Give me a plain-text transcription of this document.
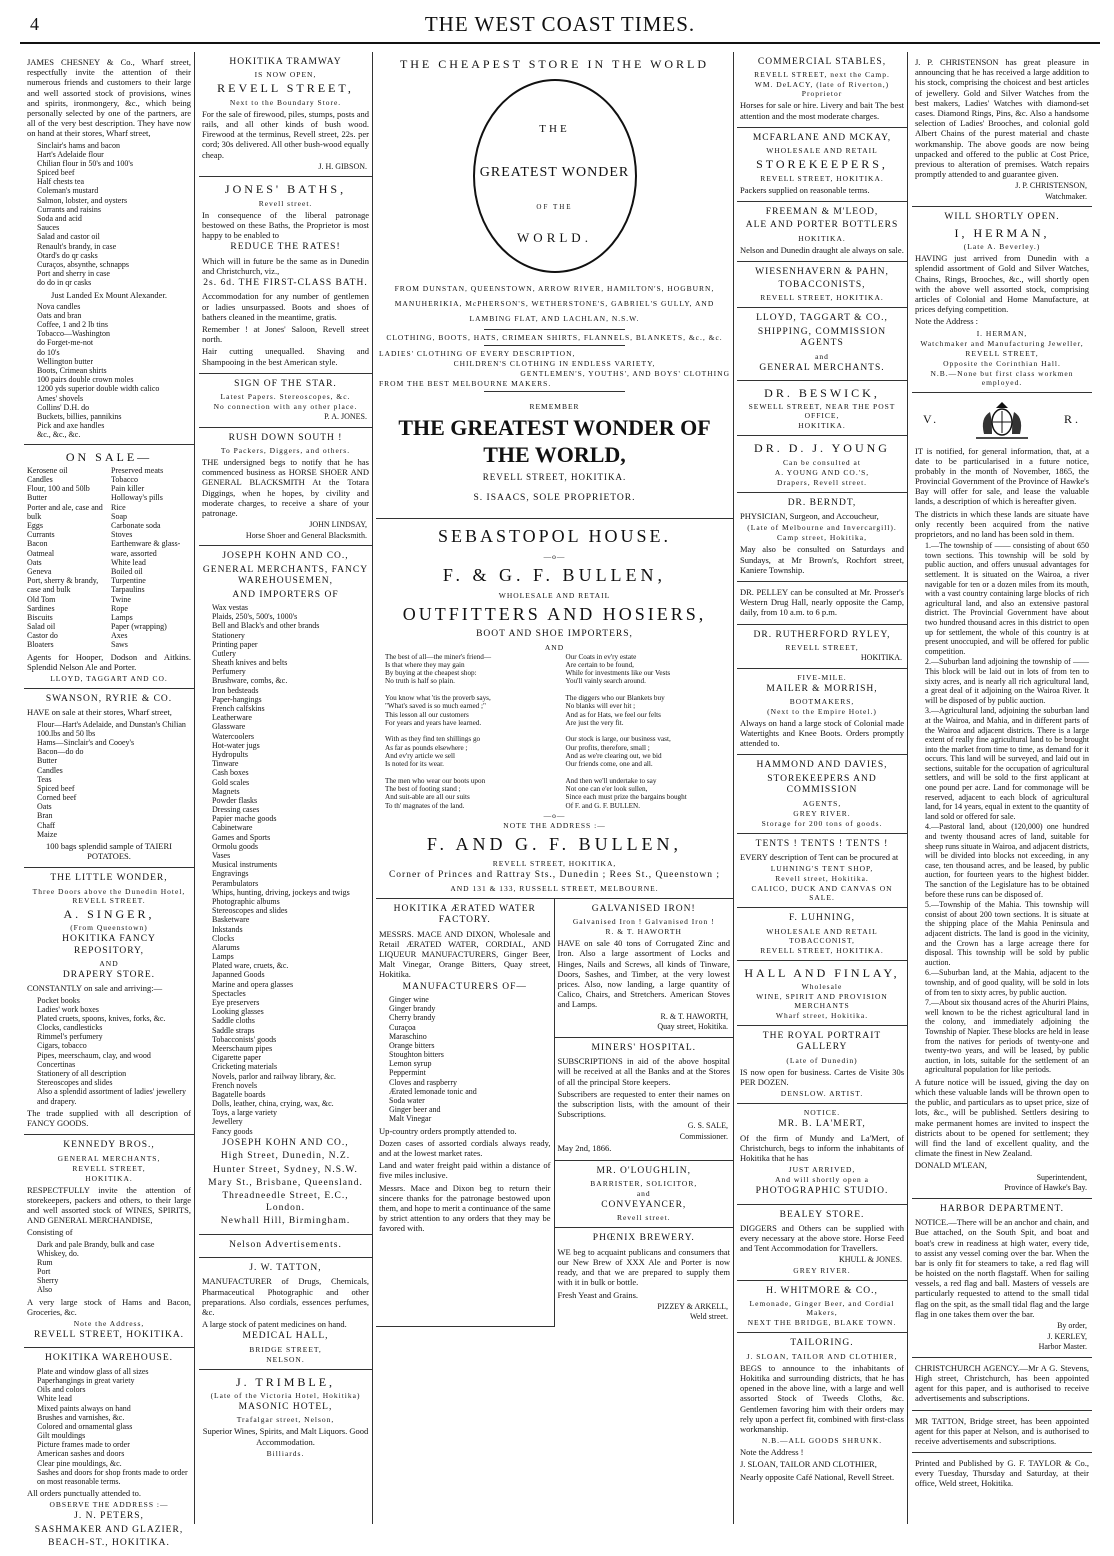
4	THE WEST COAST TIMES.
JAMES CHESNEY & Co., Wharf street, respectfully invite the attention of their numerous friends and customers to their large and well assorted stock of provisions, wines and spirits, ironmongery, &c., which being personally selected by one of the partners, are all of the very best description. They have now on hand at their stores, Wharf street,
Sinclair's hams and bacon
Hart's Adelaide flour
Chilian flour in 50's and 100's
Spiced beef
Half chests tea
Coleman's mustard
Salmon, lobster, and oysters
Currants and raisins
Soda and acid
Sauces
Salad and castor oil
Renault's brandy, in case
Otard's do qr casks
Curaços, absynthe, schnapps
Port and sherry in case
do do in qr casks
Just Landed Ex Mount Alexander.
Nova candles
Oats and bran
Coffee, 1 and 2 lb tins
Tobacco—Washington
do Forget-me-not
do 10's
Wellington butter
Boots, Crimean shirts
100 pairs double crown moles
1200 yds superior double width calico
Ames' shovels
Collins' D.H. do
Buckets, billies, pannikins
Pick and axe handles
&c., &c., &c.
ON SALE—
Kerosene oil
Candles
Flour, 100 and 50lb
Butter
Porter and ale, case and bulk
Eggs
Currants
Bacon
Oatmeal
Oats
Geneva
Port, sherry & brandy, case and bulk
Old Tom
Sardines
Biscuits
Salad oil
Castor do
Bloaters
Preserved meats
Tobacco
Pain killer
Holloway's pills
Rice
Soap
Carbonate soda
Stoves
Earthenware & glass-ware, assorted
White lead
Boiled oil
Turpentine
Tarpaulins
Twine
Rope
Lamps
Paper (wrapping)
Axes
Saws
Agents for Hooper, Dodson and Aitkins. Splendid Nelson Ale and Porter.
LLOYD, TAGGART AND CO.
SWANSON, RYRIE & CO.
HAVE on sale at their stores, Wharf street,
Flour—Hart's Adelaide, and Dunstan's Chilian 100.lbs and 50 lbs
Hams—Sinclair's and Cooey's
Bacon—do do
Butter
Candles
Teas
Spiced beef
Corned beef
Oats
Bran
Chaff
Maize
100 bags splendid sample of TAIERI POTATOES.
THE LITTLE WONDER,
Three Doors above the Dunedin Hotel, REVELL STREET.
A. SINGER,
(From Queenstown)
HOKITIKA FANCY REPOSITORY,
AND
DRAPERY STORE.
CONSTANTLY on sale and arriving:—
Pocket books
Ladies' work boxes
Plated cruets, spoons, knives, forks, &c.
Clocks, candlesticks
Rimmel's perfumery
Cigars, tobacco
Pipes, meerschaum, clay, and wood
Concertinas
Stationery of all description
Stereoscopes and slides
Also a splendid assortment of ladies' jewellery and drapery.
The trade supplied with all description of FANCY GOODS.
KENNEDY BROS.,
GENERAL MERCHANTS,
REVELL STREET,
HOKITIKA.
RESPECTFULLY invite the attention of storekeepers, packers and others, to their large and well assorted stock of WINES, SPIRITS, AND GENERAL MERCHANDISE,
Consisting of
Dark and pale Brandy, bulk and case
Whiskey, do.
Rum
Port
Sherry
Also
A very large stock of Hams and Bacon, Groceries, &c.
Note the Address,
REVELL STREET, HOKITIKA.
HOKITIKA WAREHOUSE.
Plate and window glass of all sizes
Paperhangings in great variety
Oils and colors
White lead
Mixed paints always on hand
Brushes and varnishes, &c.
Colored and ornamental glass
Gilt mouldings
Picture frames made to order
American sashes and doors
Clear pine mouldings, &c.
Sashes and doors for shop fronts made to order on most reasonable terms.
All orders punctually attended to.
OBSERVE THE ADDRESS :—
J. N. PETERS,
SASHMAKER AND GLAZIER,
BEACH-ST., HOKITIKA.
HOKITIKA TRAMWAY
IS NOW OPEN,
REVELL STREET,
Next to the Boundary Store.
For the sale of firewood, piles, stumps, posts and rails, and all other kinds of bush wood. Firewood at the terminus, Revell street, 22s. per cord; 30s delivered. All other bush-wood equally cheap.
J. H. GIBSON.
JONES' BATHS,
Revell street.
In consequence of the liberal patronage bestowed on these Baths, the Proprietor is most happy to be enabled to
REDUCE THE RATES!
Which will in future be the same as in Dunedin and Christchurch, viz.,
2s. 6d. THE FIRST-CLASS BATH.
Accommodation for any number of gentlemen or ladies unsurpassed. Boots and shoes of bathers cleaned in the meantime, gratis.
Remember ! at Jones' Saloon, Revell street north.
Hair cutting unequalled. Shaving and Shampooing in the best American style.
SIGN OF THE STAR.
Latest Papers. Stereoscopes, &c.
No connection with any other place.
P. A. JONES.
RUSH DOWN SOUTH !
To Packers, Diggers, and others.
THE undersigned begs to notify that he has commenced business as HORSE SHOER AND GENERAL BLACKSMITH At the Totara Diggings, when he hopes, by civility and moderate charges, to receive a share of your patronage.
JOHN LINDSAY,
Horse Shoer and General Blacksmith.
JOSEPH KOHN AND CO.,
GENERAL MERCHANTS, FANCY WAREHOUSEMEN,
AND IMPORTERS OF
Wax vestas
Plaids, 250's, 500's, 1000's
Bell and Black's and other brands
Stationery
Printing paper
Cutlery
Sheath knives and belts
Perfumery
Brushware, combs, &c.
Iron bedsteads
Paper-hangings
French calfskins
Leatherware
Glassware
Watercoolers
Hot-water jugs
Hydropults
Tinware
Cash boxes
Gold scales
Magnets
Powder flasks
Dressing cases
Papier mache goods
Cabinetware
Games and Sports
Ormolu goods
Vases
Musical instruments
Engravings
Perambulators
Whips, hunting, driving, jockeys and twigs
Photographic albums
Stereoscopes and slides
Basketware
Inkstands
Clocks
Alarums
Lamps
Plated ware, cruets, &c.
Japanned Goods
Marine and opera glasses
Spectacles
Eye preservers
Looking glasses
Saddle cloths
Saddle straps
Tobacconists' goods
Meerschaum pipes
Cigarette paper
Cricketing materials
Novels, parlor and railway library, &c.
French novels
Bagatelle boards
Dolls, leather, china, crying, wax, &c.
Toys, a large variety
Jewellery
Fancy goods
JOSEPH KOHN AND CO.,
High Street, Dunedin, N.Z.
Hunter Street, Sydney, N.S.W.
Mary St., Brisbane, Queensland.
Threadneedle Street, E.C., London.
Newhall Hill, Birmingham.
Nelson Advertisements.
J. W. TATTON,
MANUFACTURER of Drugs, Chemicals, Pharmaceutical Photographic and other preparations. Also cordials, essences perfumes, &c.
A large stock of patent medicines on hand.
MEDICAL HALL,
BRIDGE STREET,
NELSON.
J. TRIMBLE,
(Late of the Victoria Hotel, Hokitika)
MASONIC HOTEL,
Trafalgar street, Nelson,
Superior Wines, Spirits, and Malt Liquors. Good Accommodation.
Billiards.
THE CHEAPEST STORE IN THE WORLD
THE
GREATEST WONDER
OF THE
WORLD.
FROM DUNSTAN, QUEENSTOWN, ARROW RIVER, HAMILTON'S, HOGBURN, MANUHERIKIA, McPHERSON'S, WETHERSTONE'S, GABRIEL'S GULLY, AND LAMBING FLAT, AND LACHLAN, N.S.W.
CLOTHING, BOOTS, HATS, CRIMEAN SHIRTS, FLANNELS, BLANKETS, &c., &c.
LADIES' CLOTHING OF EVERY DESCRIPTION,
CHILDREN'S CLOTHING IN ENDLESS VARIETY,
GENTLEMEN'S, YOUTHS', AND BOYS' CLOTHING
FROM THE BEST MELBOURNE MAKERS.
REMEMBER
THE GREATEST WONDER OF THE WORLD,
REVELL STREET, HOKITIKA.
S. ISAACS, SOLE PROPRIETOR.
SEBASTOPOL HOUSE.
—o—
F. & G. F. BULLEN,
WHOLESALE AND RETAIL
OUTFITTERS AND HOSIERS,
BOOT AND SHOE IMPORTERS,
AND
The best of all—the miner's friend—
Is that where they may gain
By buying at the cheapest shop:
No truth is half so plain.

You know what 'tis the proverb says,
"What's saved is so much earned ;"
This lesson all our customers
For years and years have learned.

With as they find ten shillings go
As far as pounds elsewhere ;
And ev'ry article we sell
Is noted for its wear.

The men who wear our boots upon
The best of footing stand ;
And suit-able are all our suits
To th' magnates of the land.
Our Coats in ev'ry estate
Are certain to be found,
While for investments like our Vests
You'll vainly search around.

The diggers who our Blankets buy
No blanks will ever hit ;
And as for Hats, we feel our felts
Are just the very fit.

Our stock is large, our business vast,
Our profits, therefore, small ;
And as we're clearing out, we bid
Our friends come, one and all.

And then we'll undertake to say
Not one can e'er look sullen,
Since each must prize the bargains bought
Of F. and G. F. BULLEN.
—o—
NOTE THE ADDRESS :—
F. AND G. F. BULLEN,
REVELL STREET, HOKITIKA,
Corner of Princes and Rattray Sts., Dunedin ; Rees St., Queenstown ;
AND 131 & 133, RUSSELL STREET, MELBOURNE.
HOKITIKA ÆRATED WATER FACTORY.
MESSRS. MACE AND DIXON, Wholesale and Retail ÆRATED WATER, CORDIAL, AND LIQUEUR MANUFACTURERS, Ginger Beer, Malt Vinegar, Orange Bitters, Quay street, Hokitika.
MANUFACTURERS OF—
Ginger wine
Ginger brandy
Cherry brandy
Curaçoa
Maraschino
Orange bitters
Stoughton bitters
Lemon syrup
Peppermint
Cloves and raspberry
Ærated lemonade tonic and
Soda water
Ginger beer and
Malt Vinegar
Up-country orders promptly attended to.
Dozen cases of assorted cordials always ready, and at the lowest market rates.
Land and water freight paid within a distance of five miles inclusive.
Messrs. Mace and Dixon beg to return their sincere thanks for the patronage bestowed upon them, and hope to merit a continuance of the same by strict attention to any orders that they may be favored with.
GALVANISED IRON!
Galvanised Iron ! Galvanised Iron !
R. & T. HAWORTH
HAVE on sale 40 tons of Corrugated Zinc and Iron. Also a large assortment of Locks and Hinges, Nails and Screws, all kinds of Tinware, Doors, Sashes, and Timber, at the very lowest prices. Also, now landing, a large quantity of Calico, Chairs, and Stretchers. American Stoves and Lamps.
R. & T. HAWORTH,
Quay street, Hokitika.
MINERS' HOSPITAL.
SUBSCRIPTIONS in aid of the above hospital will be received at all the Banks and at the Stores of all the principal Store keepers.
Subscribers are requested to enter their names on the subscription lists, with the amount of their Subscriptions.
G. S. SALE,
Commissioner.
May 2nd, 1866.
MR. O'LOUGHLIN,
BARRISTER, SOLICITOR,
and
CONVEYANCER,
Revell street.
PHŒNIX BREWERY.
WE beg to acquaint publicans and consumers that our New Brew of XXX Ale and Porter is now ready, and that we are prepared to supply them with it in bulk or bottle.
Fresh Yeast and Grains.
PIZZEY & ARKELL,
Weld street.
COMMERCIAL STABLES,
REVELL STREET, next the Camp.
WM. DeLACY, (late of Riverton,) Proprietor
Horses for sale or hire. Livery and bait The best attention and the most moderate charges.
MCFARLANE AND MCKAY,
WHOLESALE AND RETAIL
STOREKEEPERS,
REVELL STREET, HOKITIKA.
Packers supplied on reasonable terms.
FREEMAN & M'LEOD,
ALE AND PORTER BOTTLERS
HOKITIKA.
Nelson and Dunedin draught ale always on sale.
WIESENHAVERN & PAHN,
TOBACCONISTS,
REVELL STREET, HOKITIKA.
LLOYD, TAGGART & CO.,
SHIPPING, COMMISSION AGENTS
and
GENERAL MERCHANTS.
DR. BESWICK,
SEWELL STREET, NEAR THE POST OFFICE,
HOKITIKA.
DR. D. J. YOUNG
Can be consulted at
A. YOUNG AND CO.'S,
Drapers, Revell street.
DR. BERNDT,
PHYSICIAN, Surgeon, and Accoucheur,
(Late of Melbourne and Invercargill).
Camp street, Hokitika,
May also be consulted on Saturdays and Sundays, at Mr Brown's, Rochfort street, Kaniere Township.
DR. PELLEY can be consulted at Mr. Prosser's Western Drug Hall, nearly opposite the Camp, daily, from 10 a.m. to 6 p.m.
DR. RUTHERFORD RYLEY,
REVELL STREET,
HOKITIKA.
FIVE-MILE.
MAILER & MORRISH,
BOOTMAKERS,
(Next to the Empire Hotel.)
Always on hand a large stock of Colonial made Watertights and Knee Boots. Orders promptly attended to.
HAMMOND AND DAVIES,
STOREKEEPERS AND COMMISSION
AGENTS,
GREY RIVER.
Storage for 200 tons of goods.
TENTS ! TENTS ! TENTS !
EVERY description of Tent can be procured at
LUHNING'S TENT SHOP,
Revell street, Hokitika.
CALICO, DUCK AND CANVAS ON SALE.
F. LUHNING,
WHOLESALE AND RETAIL TOBACCONIST,
REVELL STREET, HOKITIKA.
HALL AND FINLAY,
Wholesale
WINE, SPIRIT AND PROVISION MERCHANTS
Wharf street, Hokitika.
THE ROYAL PORTRAIT GALLERY
(Late of Dunedin)
IS now open for business. Cartes de Visite 30s PER DOZEN.
DENSLOW. ARTIST.
NOTICE.
MR. B. LA'MERT,
Of the firm of Mundy and La'Mert, of Christchurch, begs to inform the inhabitants of Hokitika that he has
JUST ARRIVED,
And will shortly open a
PHOTOGRAPHIC STUDIO.
BEALEY STORE.
DIGGERS and Others can be supplied with every necessary at the above store. Horse Feed and Tent Accommodation for Travellers.
KHULL & JONES.
GREY RIVER.
H. WHITMORE & CO.,
Lemonade, Ginger Beer, and Cordial Makers,
NEXT THE BRIDGE, BLAKE TOWN.
TAILORING.
J. SLOAN, TAILOR AND CLOTHIER,
BEGS to announce to the inhabitants of Hokitika and surrounding districts, that he has opened in the above line, with a large and well assorted Stock of Tweeds Cloths, &c. Gentlemen favoring him with their orders may rely upon a perfect fit, combined with first-class workmanship.
N.B.—ALL GOODS SHRUNK.
Note the Address !
J. SLOAN, TAILOR AND CLOTHIER,
Nearly opposite Café National, Revell Street.
J. P. CHRISTENSON has great pleasure in announcing that he has received a large addition to his stock, comprising the choicest and best articles of jewellery. Gold and Silver Watches from the best makers, Ladies' Watches with diamond-set cases. Diamond Rings, Pins, &c. Also a handsome selection of Ladies' Brooches, and colonial gold Albert Chains of the purest material and chaste workmanship. The above goods are now being unpacked and offered to the public at Cost Price, previous to alteration of premises. Watch repairs promptly attended to and guarantee given.
J. P. CHRISTENSON,
Watchmaker.
WILL SHORTLY OPEN.
I, HERMAN,
(Late A. Beverley.)
HAVING just arrived from Dunedin with a splendid assortment of Gold and Silver Watches, Chains, Rings, Brooches, &c., will shortly open with the above well assorted stock, comprising articles of Colonial and Home Manufacture, at prices defying competition.
Note the Address :
I. HERMAN,
Watchmaker and Manufacturing Jeweller,
REVELL STREET,
Opposite the Corinthian Hall.
N.B.—None but first class workmen employed.
V.	R.
IT is notified, for general information, that, at a date to be particularised in a future notice, probably in the month of November, 1865, the Provincial Government of the Province of Hawke's Bay will offer for sale, and lease the valuable lands, a description of which is hereafter given.
The districts in which these lands are situate have only recently been acquired from the native proprietors, and no land has been sold in them.
1.—The township of —— consisting of about 650 town sections. This township will be sold by public auction, and offers unusual advantages for settlement. It is situated on the Wairoa, a river navigable for ten or a dozen miles from its mouth, with a vast country containing large blocks of rich agricultural land, and also an extensive pastoral district. The Provincial Government have about two hundred thousand acres in this district to open up for settlement, the whole of this country is at present unoccupied, and will be offered for public competition.
2.—Suburban land adjoining the township of —— This block will be laid out in lots of from ten to sixty acres, and is nearly all rich agricultural land, a great deal of it adjoining on the Wairoa River. It will be disposed of by public auction.
3.—Agricultural land, adjoining the suburban land at the Wairoa, and Mahia, and in different parts of the Wairoa and adjacent districts. There is a large extent of really fine agricultural land to be brought into the market from time to time, as demand for it occurs. This land will be surveyed, and laid out in sections, suitable for the occupation of agricultural settlers, and will be sold to the first applicant at one pound per acre. Land for commonage will be reserved, adjacent to each block of agricultural land, for 14 years, equal in extent to the quantity of land sold or offered for sale.
4.—Pastoral land, about (120,000) one hundred and twenty thousand acres of land, suitable for sheep runs situate in Wairoa, and adjacent districts, will be divided into blocks not exceeding, in any case, ten thousand acres, and be leased, by public auction, for fourteen years to the highest bidder. The sanction of the Legislature has to be obtained before these runs can be disposed of.
5.—Township of the Mahia. This township will consist of about 200 town sections. It is situate at the shipping place of the Mahia Peninsula and adjacent districts. The land is good in the vicinity, and the Crown has a large acreage there for disposal. This township will be sold by public auction.
6.—Suburban land, at the Mahia, adjacent to the township, and of good quality, will be sold in lots of from ten to sixty acres, by public auction.
7.—About six thousand acres of the Ahuriri Plains, well known to be the richest agricultural land in the colony, and immediately adjoining the Township of Napier. These blocks are held in lease from the natives for periods of twenty-one and twenty-two years, and will be leased, by public auction, in lots, suitable for the settlement of an agricultural population for like periods.
A future notice will be issued, giving the day on which these valuable lands will be thrown open to the public, and particulars as to upset price, size of lots, &c., will be published. Settlers desiring to make permanent homes are invited to inspect the districts about to be opened for settlement; they will find the land of excellent quality, and the climate the finest in New Zealand.
DONALD M'LEAN,
Superintendent,
Province of Hawke's Bay.
HARBOR DEPARTMENT.
NOTICE.—There will be an anchor and chain, and Bue attached, on the South Spit, and boat and boat's crew in readiness at high water, every tide, to assist any vessel coming over the bar. When the bar is only fit for steamers to take, a red flag will be hoisted on the north flagstaff. When for sailing vessels, a red flag and ball. Masters of vessels are particularly requested to attend to the small tidal flag on the spit, as the small tidal flag and the large flag in one takes them over the bar.
By order,
J. KERLEY,
Harbor Master.
CHRISTCHURCH AGENCY.—Mr A G. Stevens, High street, Christchurch, has been appointed agent for this paper, and is authorised to receive advertisements and subscriptions.
MR TATTON, Bridge street, has been appointed agent for this paper at Nelson, and is authorised to receive advertisements and subscriptions.
Printed and Published by G. F. TAYLOR & Co., every Tuesday, Thursday and Saturday, at their office, Weld street, Hokitika.
